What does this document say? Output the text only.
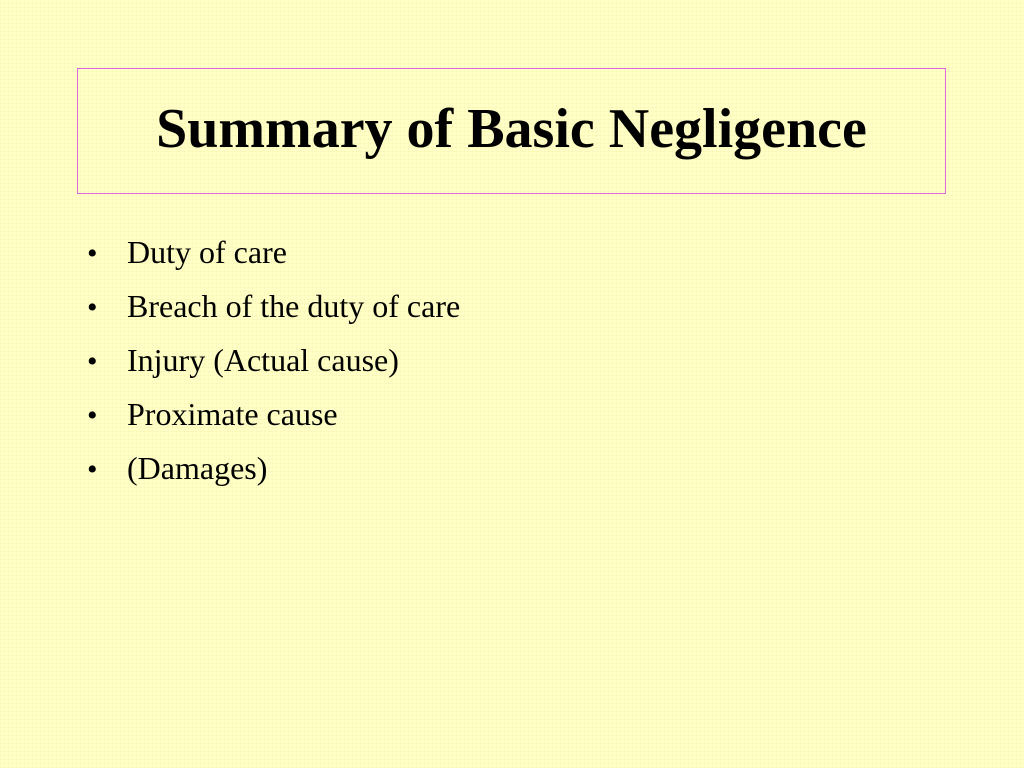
Summary of Basic Negligence
• Duty of care
• Breach of the duty of care
• Injury (Actual cause)
• Proximate cause
• (Damages)
